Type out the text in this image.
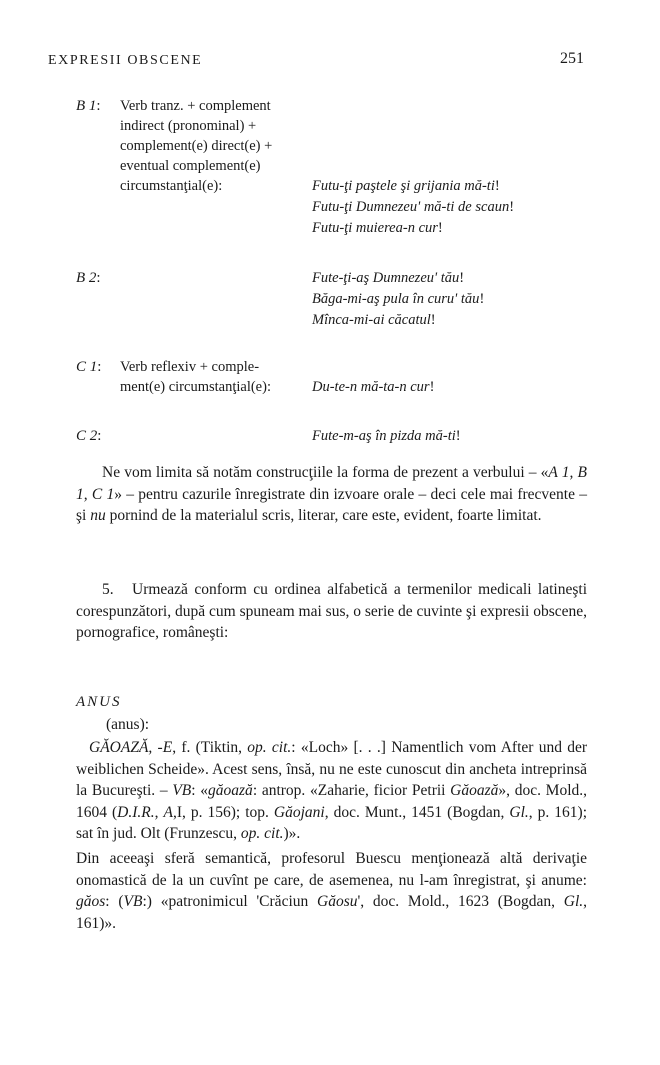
EXPRESII OBSCENE	251
B 1:	Verb tranz. + complement
indirect (pronominal) +
complement(e) direct(e) +
eventual complement(e)
circumstanţial(e):	Futu-ţi paştele şi grijania mă-ti!
Futu-ţi Dumnezeu' mă-ti de scaun!
Futu-ţi muierea-n cur!
B 2:	Fute-ţi-aş Dumnezeu' tău!
Băga-mi-aş pula în curu' tău!
Mînca-mi-ai căcatul!
C 1:	Verb reflexiv + comple-
ment(e) circumstanţial(e):	Du-te-n mă-ta-n cur!
C 2:	Fute-m-aş în pizda mă-ti!

Ne vom limita să notăm construcţiile la forma de prezent a verbului – «A 1, B 1, C 1» – pentru cazurile înregistrate din izvoare orale – deci cele mai frecvente – şi nu pornind de la materialul scris, literar, care este, evident, foarte limitat.

5. Urmează conform cu ordinea alfabetică a termenilor medicali latineşti corespunzători, după cum spuneam mai sus, o serie de cuvinte şi expresii obscene, pornografice, româneşti:

ANUS
(anus):

GĂOAZĂ, -E, f. (Tiktin, op. cit.: «Loch» [. . .] Namentlich vom After und der weiblichen Scheide». Acest sens, însă, nu ne este cunoscut din ancheta intreprinsă la Bucureşti. – VB: «găoază: antrop. «Zaharie, ficior Petrii Găoază», doc. Mold., 1604 (D.I.R., A,I, p. 156); top. Găojani, doc. Munt., 1451 (Bogdan, Gl., p. 161); sat în jud. Olt (Frunzescu, op. cit.)».

Din aceeaşi sferă semantică, profesorul Buescu menţionează altă derivaţie onomastică de la un cuvînt pe care, de asemenea, nu l-am înregistrat, şi anume: găos: (VB:) «patronimicul 'Crăciun Găosu', doc. Mold., 1623 (Bogdan, Gl., 161)».
